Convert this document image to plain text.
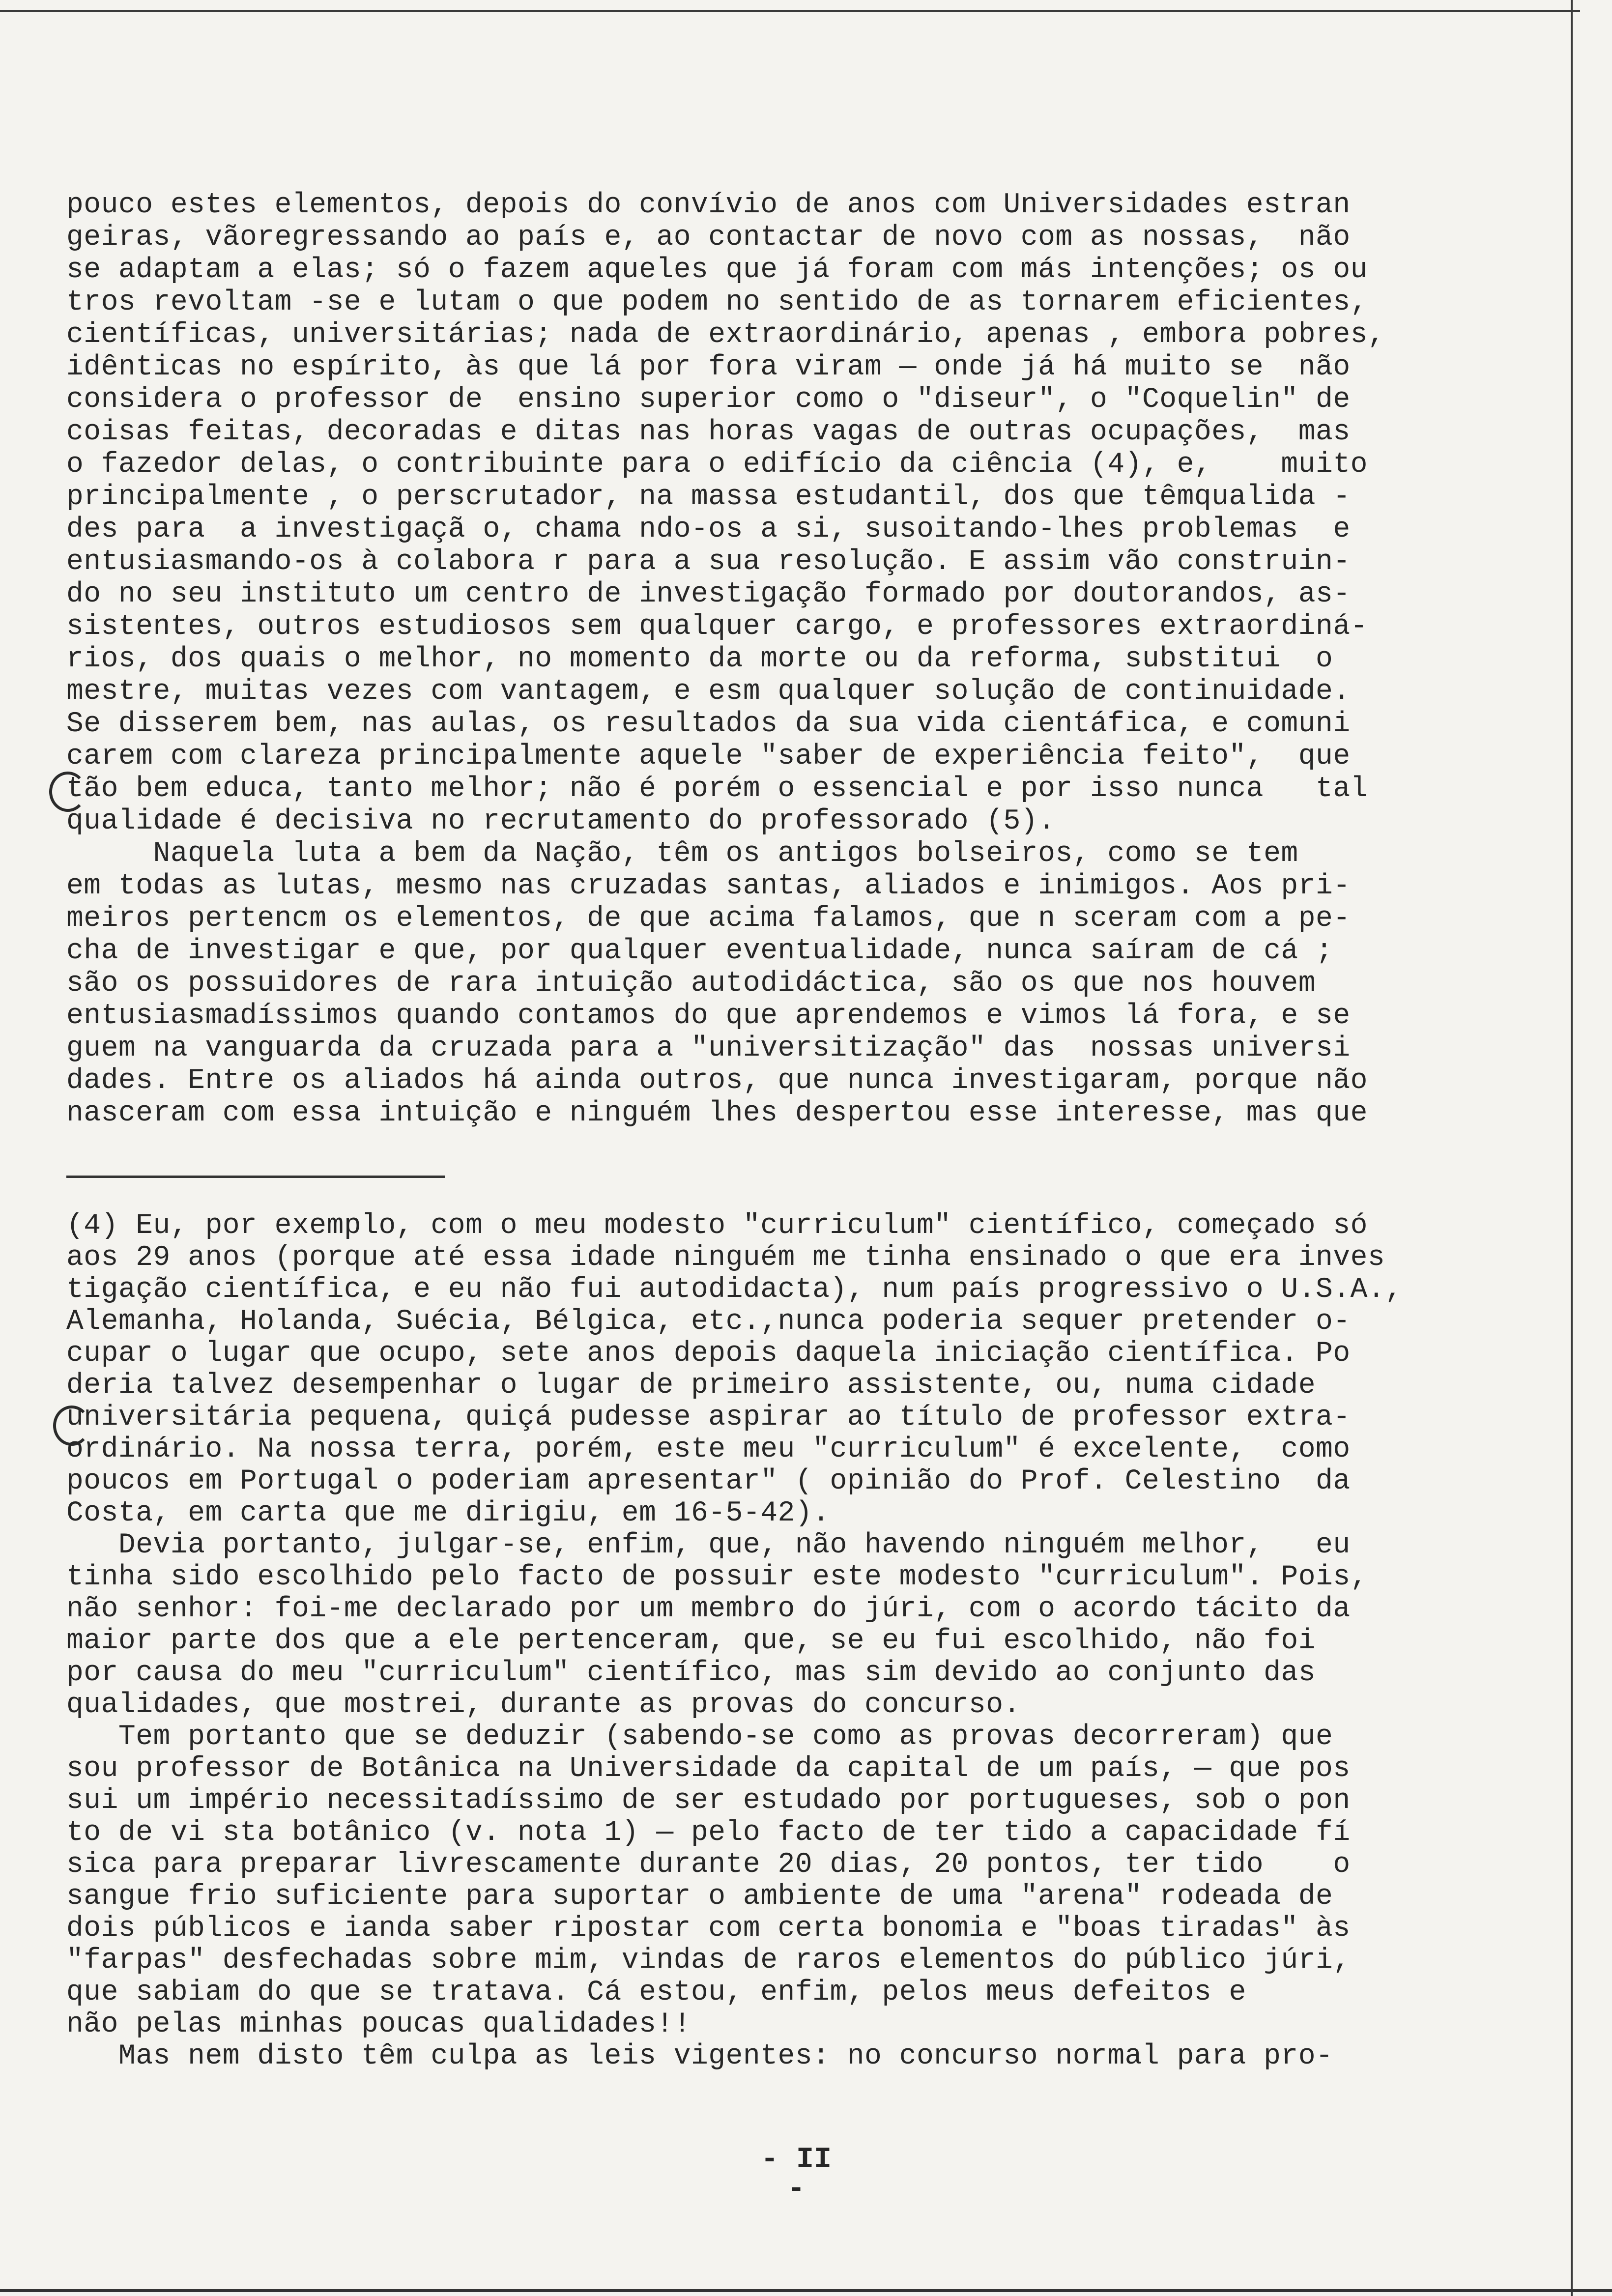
pouco estes elementos, depois do convívio de anos com Universidades estran
geiras, vãoregressando ao país e, ao contactar de novo com as nossas,  não
se adaptam a elas; só o fazem aqueles que já foram com más intenções; os ou
tros revoltam -se e lutam o que podem no sentido de as tornarem eficientes,
científicas, universitárias; nada de extraordinário, apenas , embora pobres,
idênticas no espírito, às que lá por fora viram — onde já há muito se  não
considera o professor de  ensino superior como o "diseur", o "Coquelin" de
coisas feitas, decoradas e ditas nas horas vagas de outras ocupações,  mas
o fazedor delas, o contribuinte para o edifício da ciência (4), e,    muito
principalmente , o perscrutador, na massa estudantil, dos que têmqualida -
des para  a investigaçã o, chama ndo-os a si, susoitando-lhes problemas  e
entusiasmando-os à colabora r para a sua resolução. E assim vão construin-
do no seu instituto um centro de investigação formado por doutorandos, as-
sistentes, outros estudiosos sem qualquer cargo, e professores extraordiná-
rios, dos quais o melhor, no momento da morte ou da reforma, substitui  o
mestre, muitas vezes com vantagem, e esm qualquer solução de continuidade.
Se disserem bem, nas aulas, os resultados da sua vida cientáfica, e comuni
carem com clareza principalmente aquele "saber de experiência feito",  que
tão bem educa, tanto melhor; não é porém o essencial e por isso nunca   tal
qualidade é decisiva no recrutamento do professorado (5).
Naquela luta a bem da Nação, têm os antigos bolseiros, como se tem
em todas as lutas, mesmo nas cruzadas santas, aliados e inimigos. Aos pri-
meiros pertencm os elementos, de que acima falamos, que n sceram com a pe-
cha de investigar e que, por qualquer eventualidade, nunca saíram de cá ;
são os possuidores de rara intuição autodidáctica, são os que nos houvem
entusiasmadíssimos quando contamos do que aprendemos e vimos lá fora, e se
guem na vanguarda da cruzada para a "universitização" das  nossas universi
dades. Entre os aliados há ainda outros, que nunca investigaram, porque não
nasceram com essa intuição e ninguém lhes despertou esse interesse, mas que
(4) Eu, por exemplo, com o meu modesto "curriculum" científico, começado só
aos 29 anos (porque até essa idade ninguém me tinha ensinado o que era inves
tigação científica, e eu não fui autodidacta), num país progressivo o U.S.A.,
Alemanha, Holanda, Suécia, Bélgica, etc.,nunca poderia sequer pretender o-
cupar o lugar que ocupo, sete anos depois daquela iniciação científica. Po
deria talvez desempenhar o lugar de primeiro assistente, ou, numa cidade
universitária pequena, quiçá pudesse aspirar ao título de professor extra-
ordinário. Na nossa terra, porém, este meu "curriculum" é excelente,  como
poucos em Portugal o poderiam apresentar" ( opinião do Prof. Celestino  da
Costa, em carta que me dirigiu, em 16-5-42).
Devia portanto, julgar-se, enfim, que, não havendo ninguém melhor,   eu
tinha sido escolhido pelo facto de possuir este modesto "curriculum". Pois,
não senhor: foi-me declarado por um membro do júri, com o acordo tácito da
maior parte dos que a ele pertenceram, que, se eu fui escolhido, não foi
por causa do meu "curriculum" científico, mas sim devido ao conjunto das
qualidades, que mostrei, durante as provas do concurso.
Tem portanto que se deduzir (sabendo-se como as provas decorreram) que
sou professor de Botânica na Universidade da capital de um país, — que pos
sui um império necessitadíssimo de ser estudado por portugueses, sob o pon
to de vi sta botânico (v. nota 1) — pelo facto de ter tido a capacidade fí
sica para preparar livrescamente durante 20 dias, 20 pontos, ter tido    o
sangue frio suficiente para suportar o ambiente de uma "arena" rodeada de
dois públicos e ianda saber ripostar com certa bonomia e "boas tiradas" às
"farpas" desfechadas sobre mim, vindas de raros elementos do público júri,
que sabiam do que se tratava. Cá estou, enfim, pelos meus defeitos e
não pelas minhas poucas qualidades!!
Mas nem disto têm culpa as leis vigentes: no concurso normal para pro-
- II -
